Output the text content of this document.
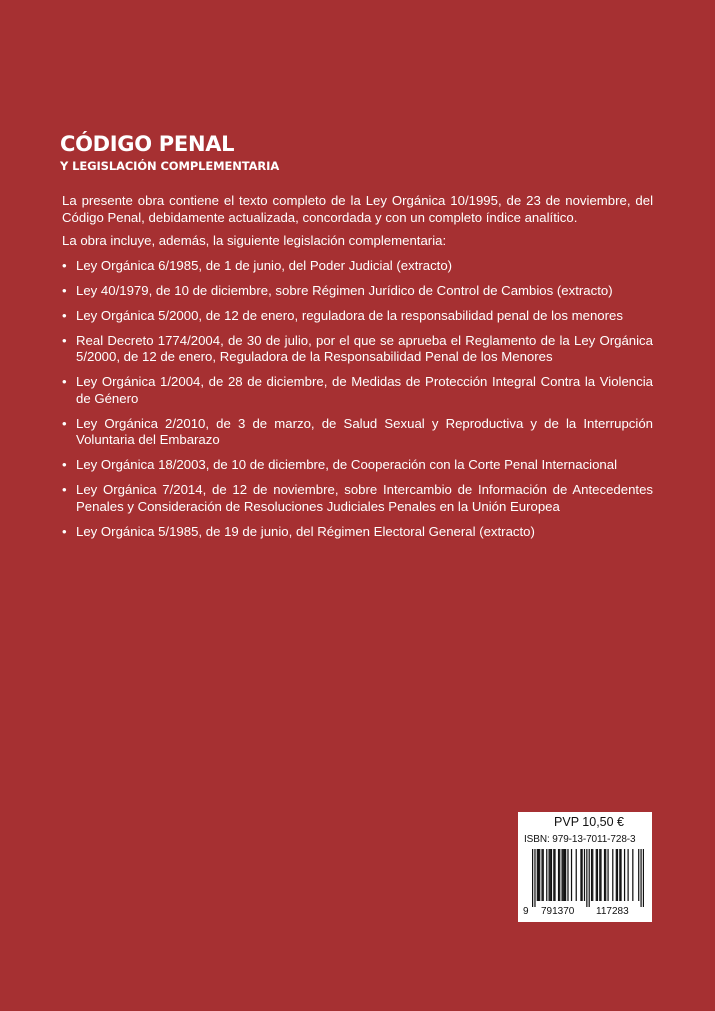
CÓDIGO PENAL
Y LEGISLACIÓN COMPLEMENTARIA

La presente obra contiene el texto completo de la Ley Orgánica 10/1995, de 23 de noviembre, del Código Penal, debidamente actualizada, concordada y con un completo índice analítico.

La obra incluye, además, la siguiente legislación complementaria:

• Ley Orgánica 6/1985, de 1 de junio, del Poder Judicial (extracto)
• Ley 40/1979, de 10 de diciembre, sobre Régimen Jurídico de Control de Cambios (extracto)
• Ley Orgánica 5/2000, de 12 de enero, reguladora de la responsabilidad penal de los menores
• Real Decreto 1774/2004, de 30 de julio, por el que se aprueba el Reglamento de la Ley Orgánica 5/2000, de 12 de enero, Reguladora de la Responsabilidad Penal de los Menores
• Ley Orgánica 1/2004, de 28 de diciembre, de Medidas de Protección Integral Contra la Violencia de Género
• Ley Orgánica 2/2010, de 3 de marzo, de Salud Sexual y Reproductiva y de la Interrupción Voluntaria del Embarazo
• Ley Orgánica 18/2003, de 10 de diciembre, de Cooperación con la Corte Penal Internacional
• Ley Orgánica 7/2014, de 12 de noviembre, sobre Intercambio de Información de Antecedentes Penales y Consideración de Resoluciones Judiciales Penales en la Unión Europea
• Ley Orgánica 5/1985, de 19 de junio, del Régimen Electoral General (extracto)
PVP 10,50 €
ISBN: 979-13-7011-728-3
9 791370 117283
